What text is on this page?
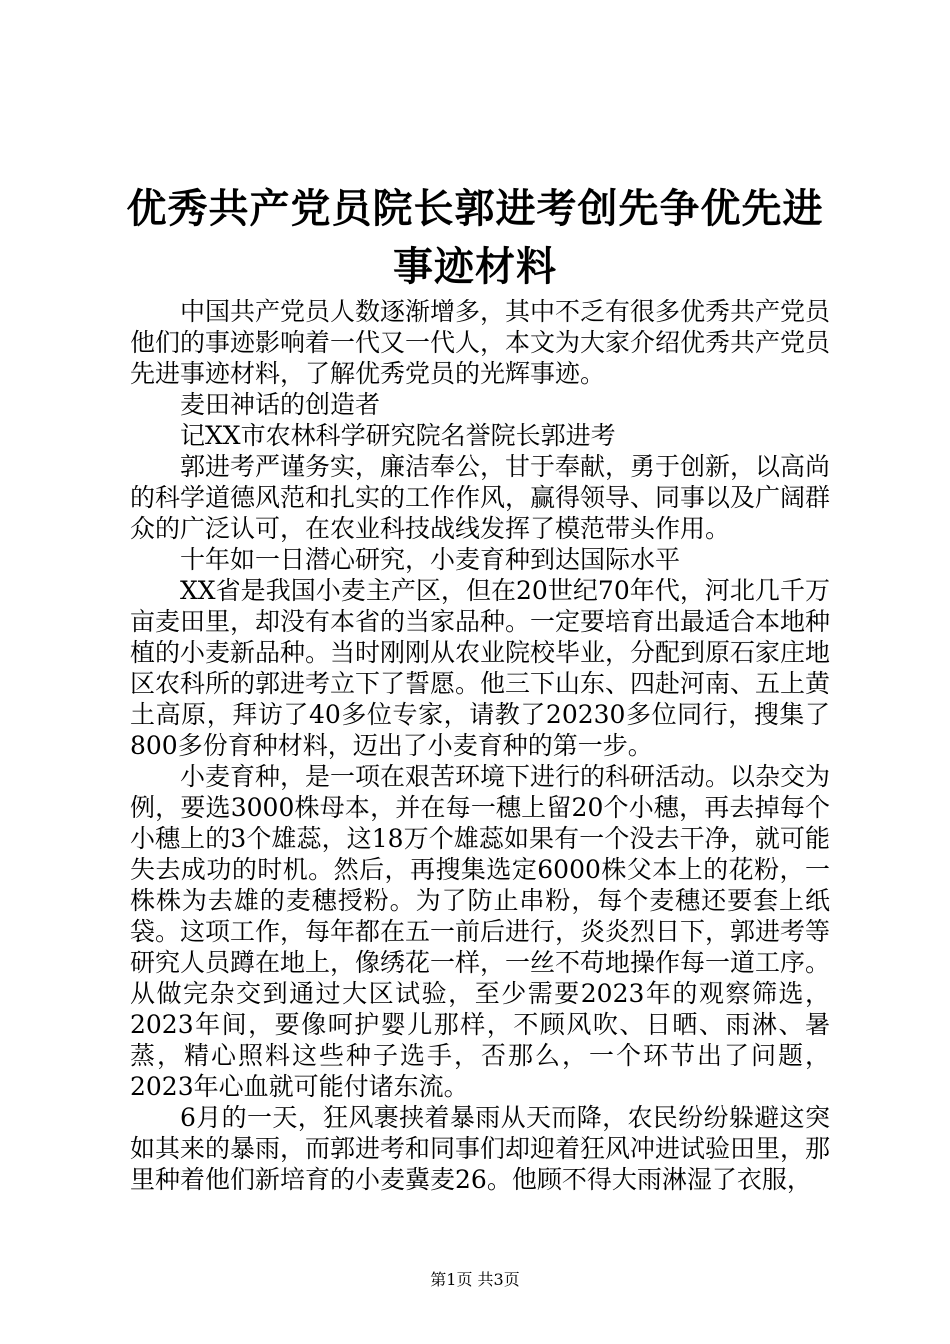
优秀共产党员院长郭进考创先争优先进事迹材料

中国共产党员人数逐渐增多，其中不乏有很多优秀共产党员他们的事迹影响着一代又一代人，本文为大家介绍优秀共产党员先进事迹材料，了解优秀党员的光辉事迹。

麦田神话的创造者

记XX市农林科学研究院名誉院长郭进考

郭进考严谨务实，廉洁奉公，甘于奉献，勇于创新，以高尚的科学道德风范和扎实的工作作风，赢得领导、同事以及广阔群众的广泛认可，在农业科技战线发挥了模范带头作用。

十年如一日潜心研究，小麦育种到达国际水平

XX省是我国小麦主产区，但在20世纪70年代，河北几千万亩麦田里，却没有本省的当家品种。一定要培育出最适合本地种植的小麦新品种。当时刚刚从农业院校毕业，分配到原石家庄地区农科所的郭进考立下了誓愿。他三下山东、四赴河南、五上黄土高原，拜访了40多位专家，请教了20230多位同行，搜集了800多份育种材料，迈出了小麦育种的第一步。

小麦育种，是一项在艰苦环境下进行的科研活动。以杂交为例，要选3000株母本，并在每一穗上留20个小穗，再去掉每个小穗上的3个雄蕊，这18万个雄蕊如果有一个没去干净，就可能失去成功的时机。然后，再搜集选定6000株父本上的花粉，一株株为去雄的麦穗授粉。为了防止串粉，每个麦穗还要套上纸袋。这项工作，每年都在五一前后进行，炎炎烈日下，郭进考等研究人员蹲在地上，像绣花一样，一丝不苟地操作每一道工序。从做完杂交到通过大区试验，至少需要2023年的观察筛选，2023年间，要像呵护婴儿那样，不顾风吹、日晒、雨淋、暑蒸，精心照料这些种子选手，否那么，一个环节出了问题，2023年心血就可能付诸东流。

6月的一天，狂风裹挟着暴雨从天而降，农民纷纷躲避这突如其来的暴雨，而郭进考和同事们却迎着狂风冲进试验田里，那里种着他们新培育的小麦冀麦26。他顾不得大雨淋湿了衣服，

第1页 共3页
